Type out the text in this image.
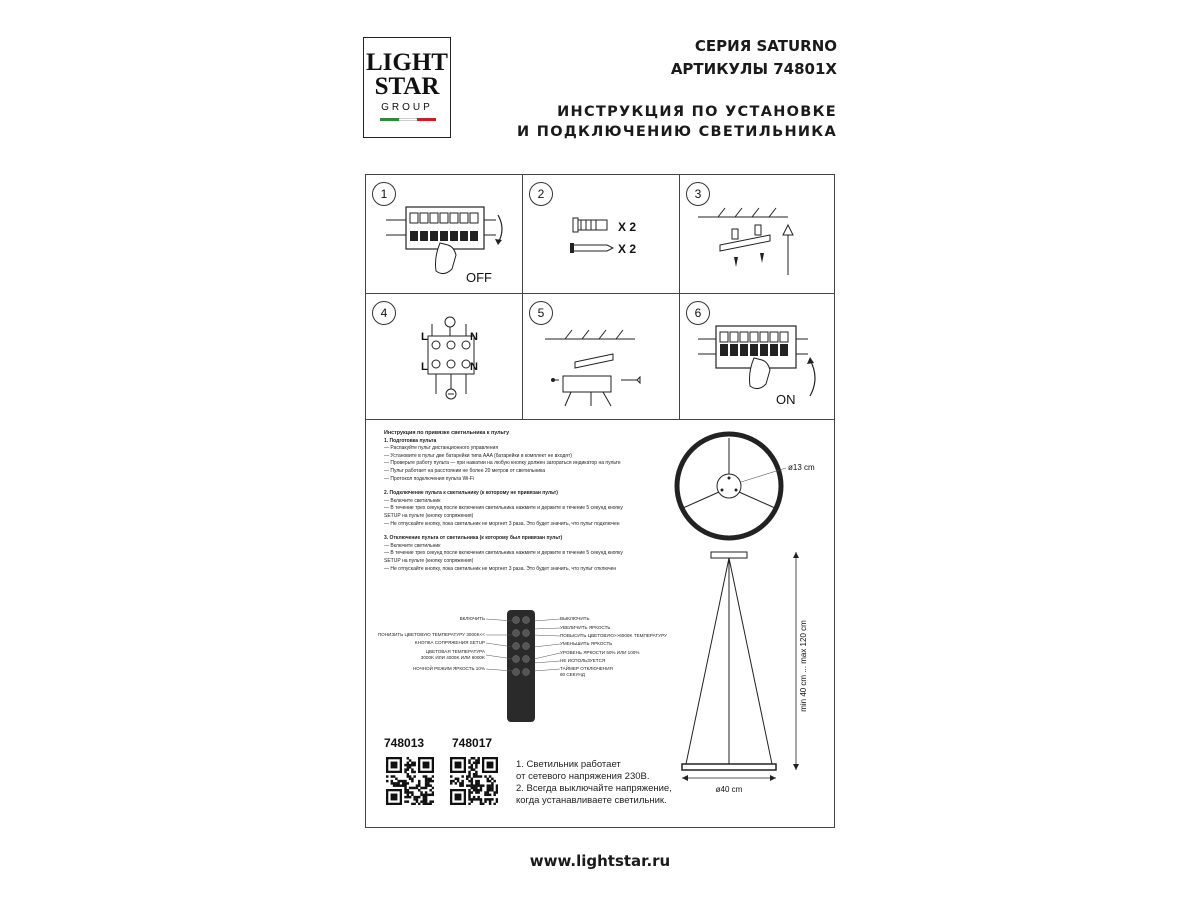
LIGHT
STAR
GROUP
СЕРИЯ SATURNO
АРТИКУЛЫ 74801X
ИНСТРУКЦИЯ ПО УСТАНОВКЕ
И ПОДКЛЮЧЕНИЮ СВЕТИЛЬНИКА
1
OFF
2
X 2
X 2
3
4
L
L
N
N
5	6
ON
Инструкция по привязке светильника к пульту
1. Подготовка пульта
— Распакуйте пульт дистанционного управления
— Установите в пульт две батарейки типа AAA (батарейки в комплект не входят)
— Проверьте работу пульта — при нажатии на любую кнопку должен загораться индикатор на пульте
— Пульт работает на расстоянии не более 20 метров от светильника
— Протокол подключения пульта Wi-Fi
2. Подключение пульта к светильнику (к которому не привязан пульт)
— Включите светильник
— В течение трех секунд после включения светильника нажмите и держите в течение 5 секунд кнопку
SETUP на пульте (кнопку сопряжения)
— Не отпускайте кнопку, пока светильник не моргнет 3 раза. Это будет значить, что пульт подключен
3. Отключение пульта от светильника (к которому был привязан пульт)
— Включите светильник
— В течение трех секунд после включения светильника нажмите и держите в течение 5 секунд кнопку
SETUP на пульте (кнопку сопряжения)
— Не отпускайте кнопку, пока светильник не моргнет 3 раза. Это будет значить, что пульт отключен
ВКЛЮЧИТЬ
ПОНИЗИТЬ ЦВЕТОВУЮ ТЕМПЕРАТУРУ 3000K<<
КНОПКА СОПРЯЖЕНИЯ SETUP
ЦВЕТОВАЯ ТЕМПЕРАТУРА
3000K ИЛИ 4000K ИЛИ 6000K
НОЧНОЙ РЕЖИМ ЯРКОСТЬ 10%
ВЫКЛЮЧИТЬ
УВЕЛИЧИТЬ ЯРКОСТЬ
ПОВЫСИТЬ ЦВЕТОВУЮ>>6000K ТЕМПЕРАТУРУ
УМЕНЬШИТЬ ЯРКОСТЬ
УРОВЕНЬ ЯРКОСТИ 50% ИЛИ 100%
НЕ ИСПОЛЬЗУЕТСЯ
ТАЙМЕР ОТКЛЮЧЕНИЯ
60 СЕКУНД
748013 748017
1. Светильник работает
от сетевого напряжения 230В.
2. Всегда выключайте напряжение,
когда устанавливаете светильник.
ø13 cm
min 40 cm ... max 120 cm
ø40 cm
www.lightstar.ru
